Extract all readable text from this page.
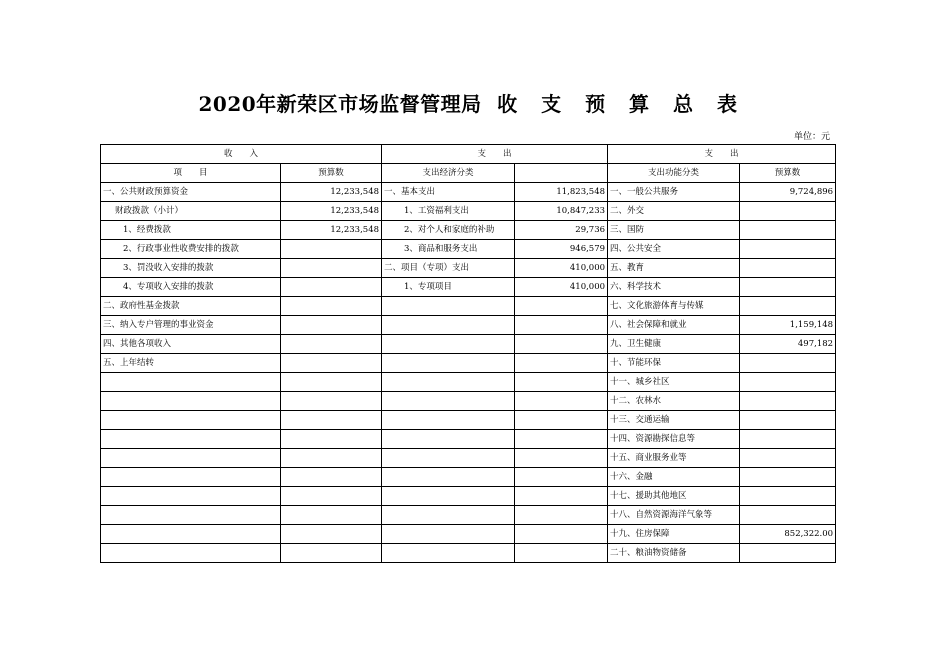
2020年新荣区市场监督管理局 收 支 预 算 总 表
单位：元
收　　入		支　　出		支　　出	
项　　目	预算数	支出经济分类		支出功能分类	预算数
一、公共财政预算资金	12,233,548	一、基本支出	11,823,548	一、一般公共服务	9,724,896
财政拨款（小计）	12,233,548	1、工资福利支出	10,847,233	二、外交	
1、经费拨款	12,233,548	2、对个人和家庭的补助	29,736	三、国防	
2、行政事业性收费安排的拨款		3、商品和服务支出	946,579	四、公共安全	
3、罚没收入安排的拨款		二、项目（专项）支出	410,000	五、教育	
4、专项收入安排的拨款		1、专项项目	410,000	六、科学技术	
二、政府性基金拨款				七、文化旅游体育与传媒	
三、纳入专户管理的事业资金				八、社会保障和就业	1,159,148
四、其他各项收入				九、卫生健康	497,182
五、上年结转				十、节能环保	
				十一、城乡社区	
				十二、农林水	
				十三、交通运输	
				十四、资源勘探信息等	
				十五、商业服务业等	
				十六、金融	
				十七、援助其他地区	
				十八、自然资源海洋气象等	
				十九、住房保障	852,322.00
				二十、粮油物资储备	
